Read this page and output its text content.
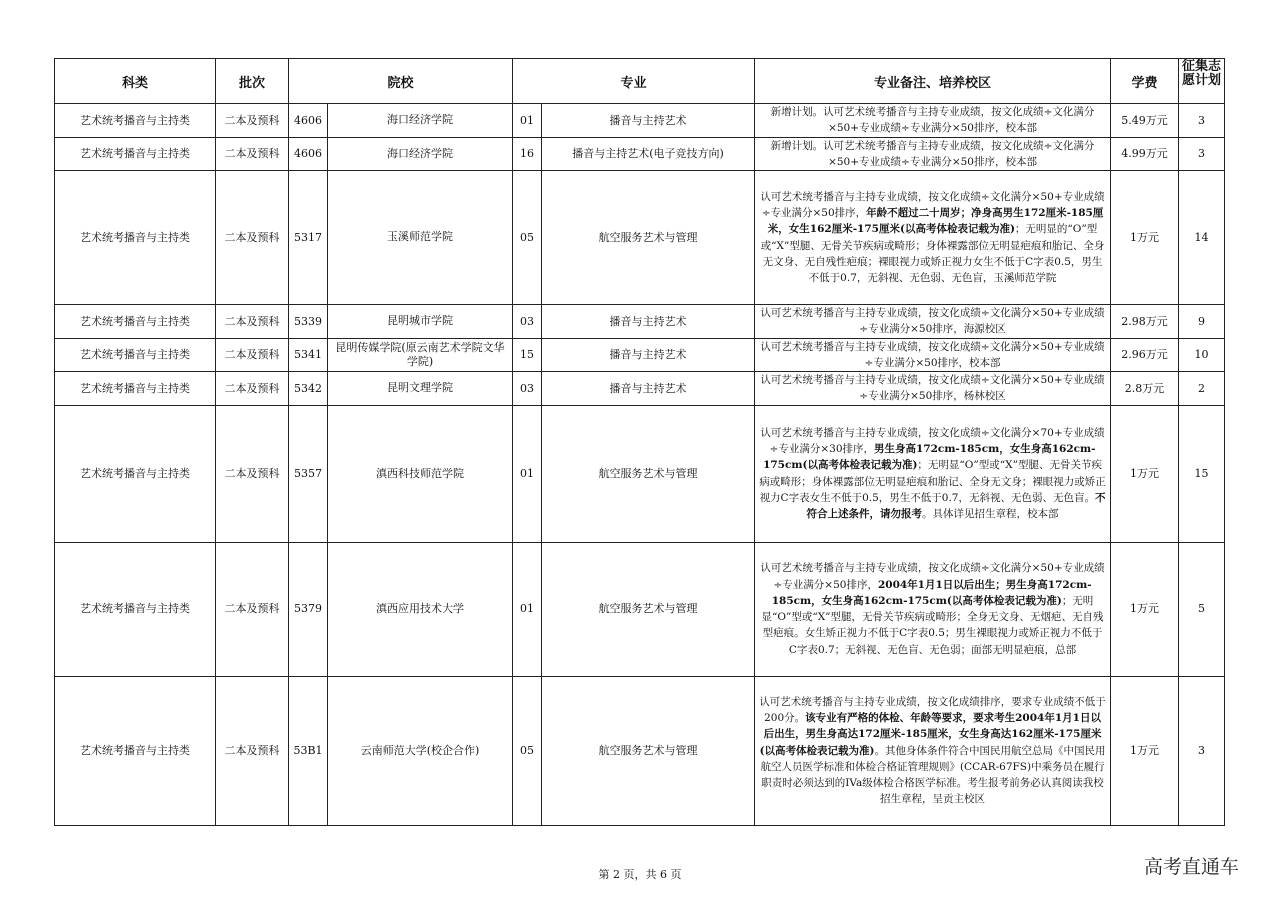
科类	批次	院校		专业		专业备注、培养校区	学费	征集志愿计划

艺术统考播音与主持类	二本及预科	4606	海口经济学院	01	播音与主持艺术	新增计划。认可艺术统考播音与主持专业成绩，按文化成绩÷文化满分×50+专业成绩÷专业满分×50排序，校本部	5.49万元	3
艺术统考播音与主持类	二本及预科	4606	海口经济学院	16	播音与主持艺术(电子竞技方向)	新增计划。认可艺术统考播音与主持专业成绩，按文化成绩÷文化满分×50+专业成绩÷专业满分×50排序，校本部	4.99万元	3
艺术统考播音与主持类	二本及预科	5317	玉溪师范学院	05	航空服务艺术与管理	认可艺术统考播音与主持专业成绩，按文化成绩÷文化满分×50+专业成绩÷专业满分×50排序，年龄不超过二十周岁；净身高男生172厘米-185厘米，女生162厘米-175厘米(以高考体检表记载为准)；无明显的“O”型或“X”型腿、无骨关节疾病或畸形；身体裸露部位无明显疤痕和胎记、全身无文身、无自残性疤痕；裸眼视力或矫正视力女生不低于C字表0.5，男生不低于0.7，无斜视、无色弱、无色盲，玉溪师范学院	1万元	14
艺术统考播音与主持类	二本及预科	5339	昆明城市学院	03	播音与主持艺术	认可艺术统考播音与主持专业成绩，按文化成绩÷文化满分×50+专业成绩÷专业满分×50排序，海源校区	2.98万元	9
艺术统考播音与主持类	二本及预科	5341	昆明传媒学院(原云南艺术学院文华学院)	15	播音与主持艺术	认可艺术统考播音与主持专业成绩，按文化成绩÷文化满分×50+专业成绩÷专业满分×50排序，校本部	2.96万元	10
艺术统考播音与主持类	二本及预科	5342	昆明文理学院	03	播音与主持艺术	认可艺术统考播音与主持专业成绩，按文化成绩÷文化满分×50+专业成绩÷专业满分×50排序，杨林校区	2.8万元	2
艺术统考播音与主持类	二本及预科	5357	滇西科技师范学院	01	航空服务艺术与管理	认可艺术统考播音与主持专业成绩，按文化成绩÷文化满分×70+专业成绩÷专业满分×30排序，男生身高172cm-185cm，女生身高162cm-175cm(以高考体检表记载为准)；无明显“O”型或“X”型腿、无骨关节疾病或畸形；身体裸露部位无明显疤痕和胎记、全身无文身；裸眼视力或矫正视力C字表女生不低于0.5，男生不低于0.7，无斜视、无色弱、无色盲。不符合上述条件，请勿报考。具体详见招生章程，校本部	1万元	15
艺术统考播音与主持类	二本及预科	5379	滇西应用技术大学	01	航空服务艺术与管理	认可艺术统考播音与主持专业成绩，按文化成绩÷文化满分×50+专业成绩÷专业满分×50排序，2004年1月1日以后出生；男生身高172cm-185cm，女生身高162cm-175cm(以高考体检表记载为准)；无明显“O”型或“X”型腿，无骨关节疾病或畸形；全身无文身、无烟疤、无自残型疤痕。女生矫正视力不低于C字表0.5；男生裸眼视力或矫正视力不低于C字表0.7；无斜视、无色盲、无色弱；面部无明显疤痕，总部	1万元	5
艺术统考播音与主持类	二本及预科	53B1	云南师范大学(校企合作)	05	航空服务艺术与管理	认可艺术统考播音与主持专业成绩，按文化成绩排序，要求专业成绩不低于200分。该专业有严格的体检、年龄等要求，要求考生2004年1月1日以后出生，男生身高达172厘米-185厘米，女生身高达162厘米-175厘米(以高考体检表记载为准)。其他身体条件符合中国民用航空总局《中国民用航空人员医学标准和体检合格证管理规则》(CCAR-67FS)中乘务员在履行职责时必须达到的IVa级体检合格医学标准。考生报考前务必认真阅读我校招生章程，呈贡主校区	1万元	3
第 2 页，共 6 页	高考直通车
